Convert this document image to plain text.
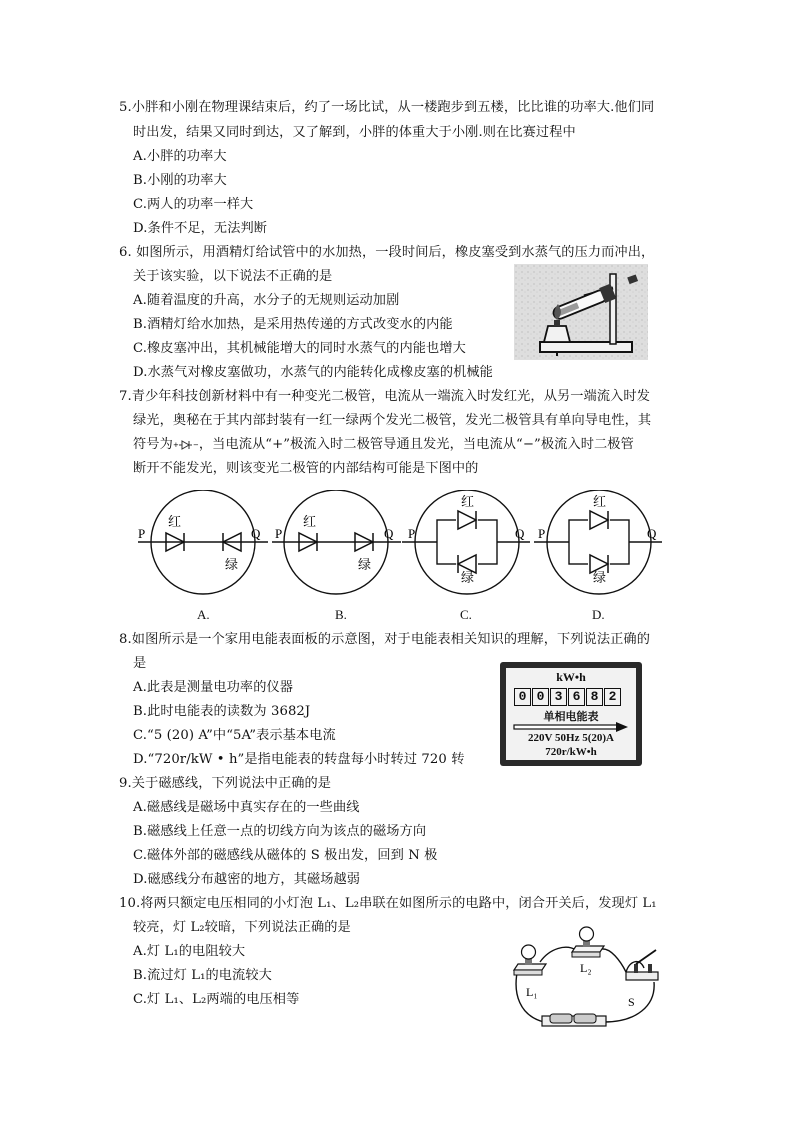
5.小胖和小刚在物理课结束后，约了一场比试，从一楼跑步到五楼，比比谁的功率大.他们同
时出发，结果又同时到达，又了解到，小胖的体重大于小刚.则在比赛过程中
A.小胖的功率大
B.小刚的功率大
C.两人的功率一样大
D.条件不足，无法判断
6. 如图所示，用酒精灯给试管中的水加热，一段时间后，橡皮塞受到水蒸气的压力而冲出，
关于该实验，以下说法不正确的是
A.随着温度的升高，水分子的无规则运动加剧
B.酒精灯给水加热，是采用热传递的方式改变水的内能
C.橡皮塞冲出，其机械能增大的同时水蒸气的内能也增大
D.水蒸气对橡皮塞做功，水蒸气的内能转化成橡皮塞的机械能
7.青少年科技创新材料中有一种变光二极管，电流从一端流入时发红光，从另一端流入时发
绿光，奥秘在于其内部封装有一红一绿两个发光二极管，发光二极管具有单向导电性，其
符号为 + − ，当电流从“+”极流入时二极管导通且发光，当电流从“−”极流入时二极管
断开不能发光，则该变光二极管的内部结构可能是下图中的
P	Q
红
绿
P	Q
红
绿
P	Q
红
绿
P	Q
红
绿
A.	B.	C.	D.
8.如图所示是一个家用电能表面板的示意图，对于电能表相关知识的理解，下列说法正确的
是
A.此表是测量电功率的仪器
B.此时电能表的读数为 3682J
C.“5 (20) A”中“5A”表示基本电流
D.“720r/kW • h”是指电能表的转盘每小时转过 720 转
kW•h
0 0 3 6 8 2
单相电能表
220V 50Hz 5(20)A
720r/kW•h
9.关于磁感线，下列说法中正确的是
A.磁感线是磁场中真实存在的一些曲线
B.磁感线上任意一点的切线方向为该点的磁场方向
C.磁体外部的磁感线从磁体的 S 极出发，回到 N 极
D.磁感线分布越密的地方，其磁场越弱
10.将两只额定电压相同的小灯泡 L₁、L₂串联在如图所示的电路中，闭合开关后，发现灯 L₁
较亮，灯 L₂较暗，下列说法正确的是
A.灯 L₁的电阻较大
B.流过灯 L₁的电流较大
C.灯 L₁、L₂两端的电压相等	L₁
L₂
S
